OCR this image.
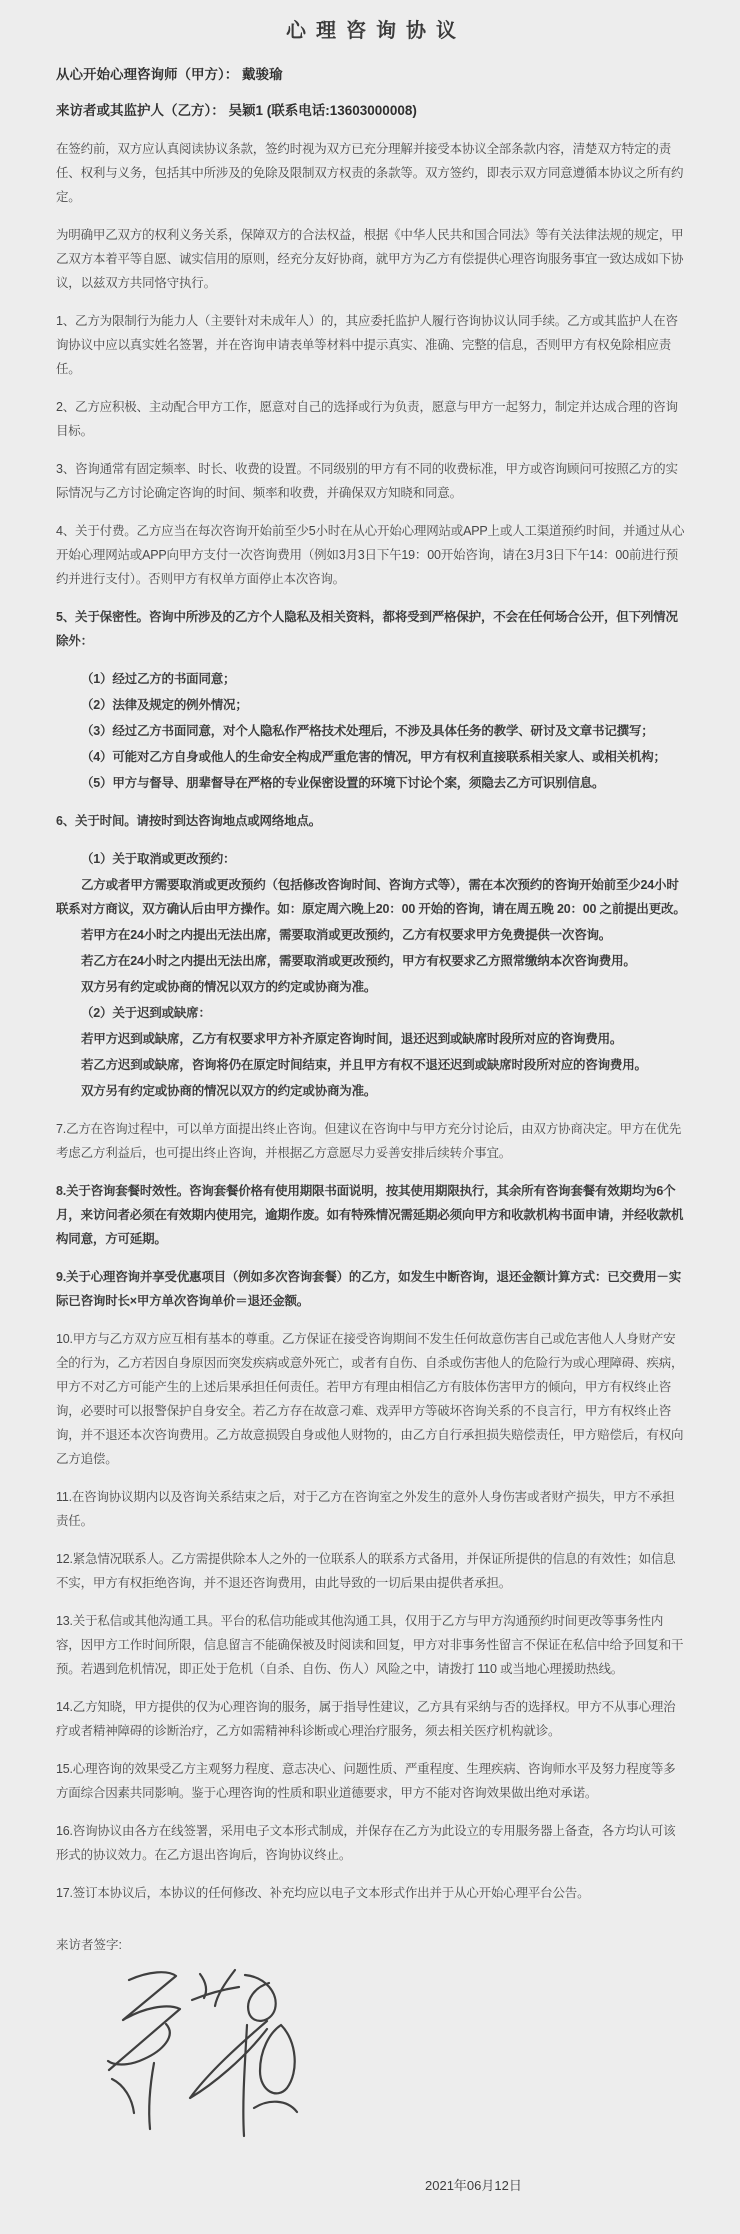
心理咨询协议

从心开始心理咨询师（甲方）： 戴骏瑜

来访者或其监护人（乙方）： 吴颖1 (联系电话:13603000008)

在签约前，双方应认真阅读协议条款，签约时视为双方已充分理解并接受本协议全部条款内容，清楚双方特定的责任、权利与义务，包括其中所涉及的免除及限制双方权责的条款等。双方签约，即表示双方同意遵循本协议之所有约定。

为明确甲乙双方的权利义务关系，保障双方的合法权益，根据《中华人民共和国合同法》等有关法律法规的规定，甲乙双方本着平等自愿、诚实信用的原则，经充分友好协商，就甲方为乙方有偿提供心理咨询服务事宜一致达成如下协议，以兹双方共同恪守执行。

1、乙方为限制行为能力人（主要针对未成年人）的，其应委托监护人履行咨询协议认同手续。乙方或其监护人在咨询协议中应以真实姓名签署，并在咨询申请表单等材料中提示真实、准确、完整的信息，否则甲方有权免除相应责任。

2、乙方应积极、主动配合甲方工作，愿意对自己的选择或行为负责，愿意与甲方一起努力，制定并达成合理的咨询目标。

3、咨询通常有固定频率、时长、收费的设置。不同级别的甲方有不同的收费标准，甲方或咨询顾问可按照乙方的实际情况与乙方讨论确定咨询的时间、频率和收费，并确保双方知晓和同意。

4、关于付费。乙方应当在每次咨询开始前至少5小时在从心开始心理网站或APP上或人工渠道预约时间，并通过从心开始心理网站或APP向甲方支付一次咨询费用（例如3月3日下午19：00开始咨询，请在3月3日下午14：00前进行预约并进行支付）。否则甲方有权单方面停止本次咨询。

5、关于保密性。咨询中所涉及的乙方个人隐私及相关资料，都将受到严格保护，不会在任何场合公开，但下列情况除外：

（1）经过乙方的书面同意；

（2）法律及规定的例外情况；

（3）经过乙方书面同意，对个人隐私作严格技术处理后，不涉及具体任务的教学、研讨及文章书记撰写；

（4）可能对乙方自身或他人的生命安全构成严重危害的情况，甲方有权利直接联系相关家人、或相关机构；

（5）甲方与督导、朋辈督导在严格的专业保密设置的环境下讨论个案，须隐去乙方可识别信息。

6、关于时间。请按时到达咨询地点或网络地点。

（1）关于取消或更改预约：

乙方或者甲方需要取消或更改预约（包括修改咨询时间、咨询方式等），需在本次预约的咨询开始前至少24小时联系对方商议，双方确认后由甲方操作。如：原定周六晚上20：00 开始的咨询，请在周五晚 20：00 之前提出更改。

若甲方在24小时之内提出无法出席，需要取消或更改预约，乙方有权要求甲方免费提供一次咨询。

若乙方在24小时之内提出无法出席，需要取消或更改预约，甲方有权要求乙方照常缴纳本次咨询费用。

双方另有约定或协商的情况以双方的约定或协商为准。

（2）关于迟到或缺席：

若甲方迟到或缺席，乙方有权要求甲方补齐原定咨询时间，退还迟到或缺席时段所对应的咨询费用。

若乙方迟到或缺席，咨询将仍在原定时间结束，并且甲方有权不退还迟到或缺席时段所对应的咨询费用。

双方另有约定或协商的情况以双方的约定或协商为准。

7.乙方在咨询过程中，可以单方面提出终止咨询。但建议在咨询中与甲方充分讨论后，由双方协商决定。甲方在优先考虑乙方利益后，也可提出终止咨询，并根据乙方意愿尽力妥善安排后续转介事宜。

8.关于咨询套餐时效性。咨询套餐价格有使用期限书面说明，按其使用期限执行，其余所有咨询套餐有效期均为6个月，来访问者必须在有效期内使用完，逾期作废。如有特殊情况需延期必须向甲方和收款机构书面申请，并经收款机构同意，方可延期。

9.关于心理咨询并享受优惠项目（例如多次咨询套餐）的乙方，如发生中断咨询，退还金额计算方式：已交费用－实际已咨询时长×甲方单次咨询单价＝退还金额。

10.甲方与乙方双方应互相有基本的尊重。乙方保证在接受咨询期间不发生任何故意伤害自己或危害他人人身财产安全的行为，乙方若因自身原因而突发疾病或意外死亡，或者有自伤、自杀或伤害他人的危险行为或心理障碍、疾病，甲方不对乙方可能产生的上述后果承担任何责任。若甲方有理由相信乙方有肢体伤害甲方的倾向，甲方有权终止咨询，必要时可以报警保护自身安全。若乙方存在故意刁难、戏弄甲方等破坏咨询关系的不良言行，甲方有权终止咨询，并不退还本次咨询费用。乙方故意损毁自身或他人财物的，由乙方自行承担损失赔偿责任，甲方赔偿后，有权向乙方追偿。

11.在咨询协议期内以及咨询关系结束之后，对于乙方在咨询室之外发生的意外人身伤害或者财产损失，甲方不承担责任。

12.紧急情况联系人。乙方需提供除本人之外的一位联系人的联系方式备用，并保证所提供的信息的有效性；如信息不实，甲方有权拒绝咨询，并不退还咨询费用，由此导致的一切后果由提供者承担。

13.关于私信或其他沟通工具。平台的私信功能或其他沟通工具，仅用于乙方与甲方沟通预约时间更改等事务性内容，因甲方工作时间所限，信息留言不能确保被及时阅读和回复，甲方对非事务性留言不保证在私信中给予回复和干预。若遇到危机情况，即正处于危机（自杀、自伤、伤人）风险之中，请拨打 110 或当地心理援助热线。

14.乙方知晓，甲方提供的仅为心理咨询的服务，属于指导性建议，乙方具有采纳与否的选择权。甲方不从事心理治疗或者精神障碍的诊断治疗，乙方如需精神科诊断或心理治疗服务，须去相关医疗机构就诊。

15.心理咨询的效果受乙方主观努力程度、意志决心、问题性质、严重程度、生理疾病、咨询师水平及努力程度等多方面综合因素共同影响。鉴于心理咨询的性质和职业道德要求，甲方不能对咨询效果做出绝对承诺。

16.咨询协议由各方在线签署，采用电子文本形式制成，并保存在乙方为此设立的专用服务器上备查，各方均认可该形式的协议效力。在乙方退出咨询后，咨询协议终止。

17.签订本协议后，本协议的任何修改、补充均应以电子文本形式作出并于从心开始心理平台公告。

来访者签字:
2021年06月12日
